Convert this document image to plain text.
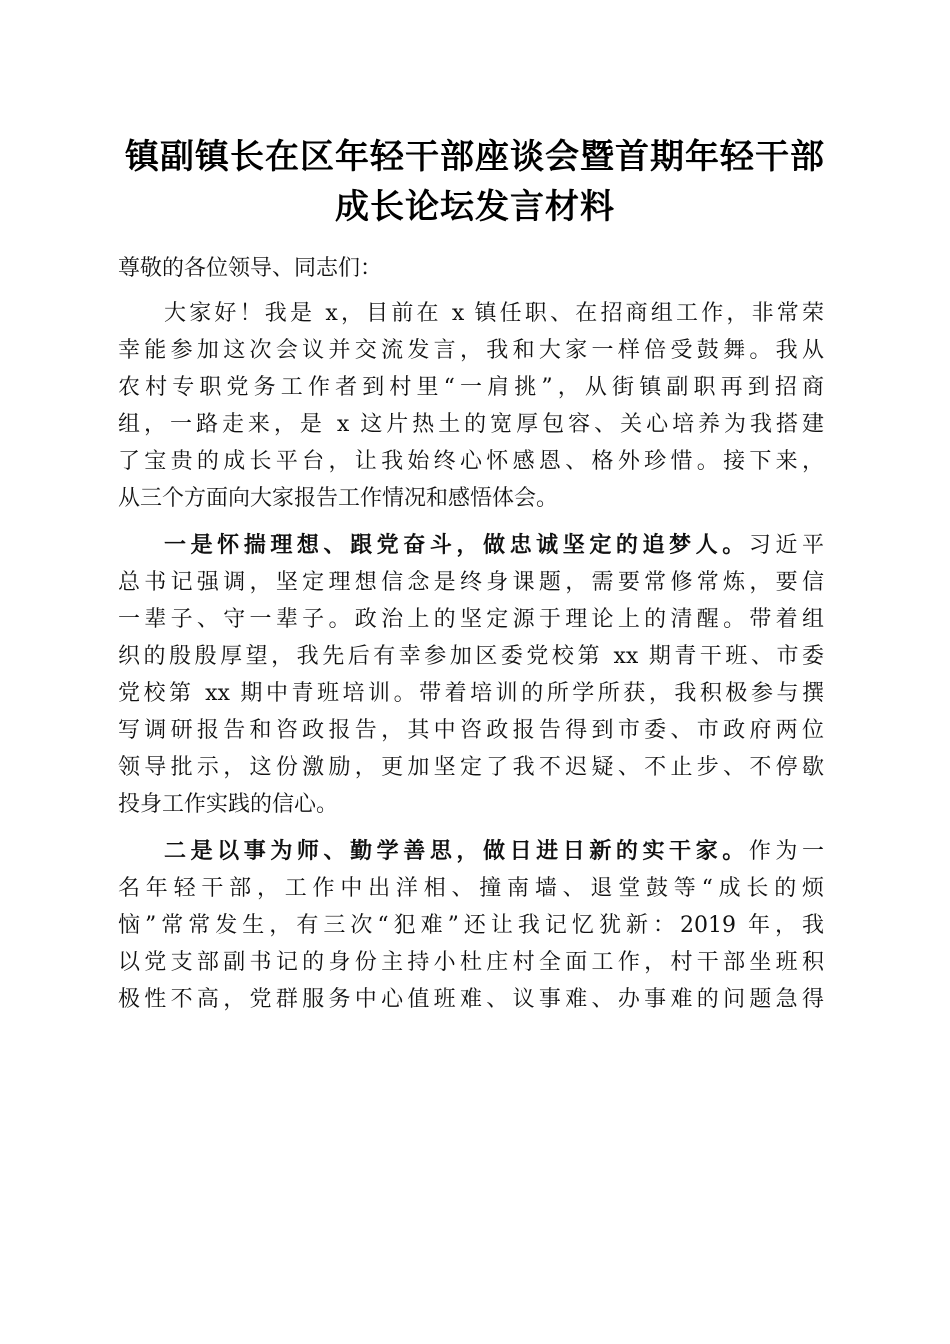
镇副镇长在区年轻干部座谈会暨首期年轻干部
成长论坛发言材料

尊敬的各位领导、同志们：

大家好！我是 x，目前在 x 镇任职、在招商组工作，非常荣
幸能参加这次会议并交流发言，我和大家一样倍受鼓舞。我从
农村专职党务工作者到村里“一肩挑”，从街镇副职再到招商
组，一路走来，是 x 这片热土的宽厚包容、关心培养为我搭建
了宝贵的成长平台，让我始终心怀感恩、格外珍惜。接下来，
从三个方面向大家报告工作情况和感悟体会。

一是怀揣理想、跟党奋斗，做忠诚坚定的追梦人。习近平
总书记强调，坚定理想信念是终身课题，需要常修常炼，要信
一辈子、守一辈子。政治上的坚定源于理论上的清醒。带着组
织的殷殷厚望，我先后有幸参加区委党校第 xx 期青干班、市委
党校第 xx 期中青班培训。带着培训的所学所获，我积极参与撰
写调研报告和咨政报告，其中咨政报告得到市委、市政府两位
领导批示，这份激励，更加坚定了我不迟疑、不止步、不停歇
投身工作实践的信心。

二是以事为师、勤学善思，做日进日新的实干家。作为一
名年轻干部，工作中出洋相、撞南墙、退堂鼓等“成长的烦
恼”常常发生，有三次“犯难”还让我记忆犹新：2019 年，我
以党支部副书记的身份主持小杜庄村全面工作，村干部坐班积
极性不高，党群服务中心值班难、议事难、办事难的问题急得
